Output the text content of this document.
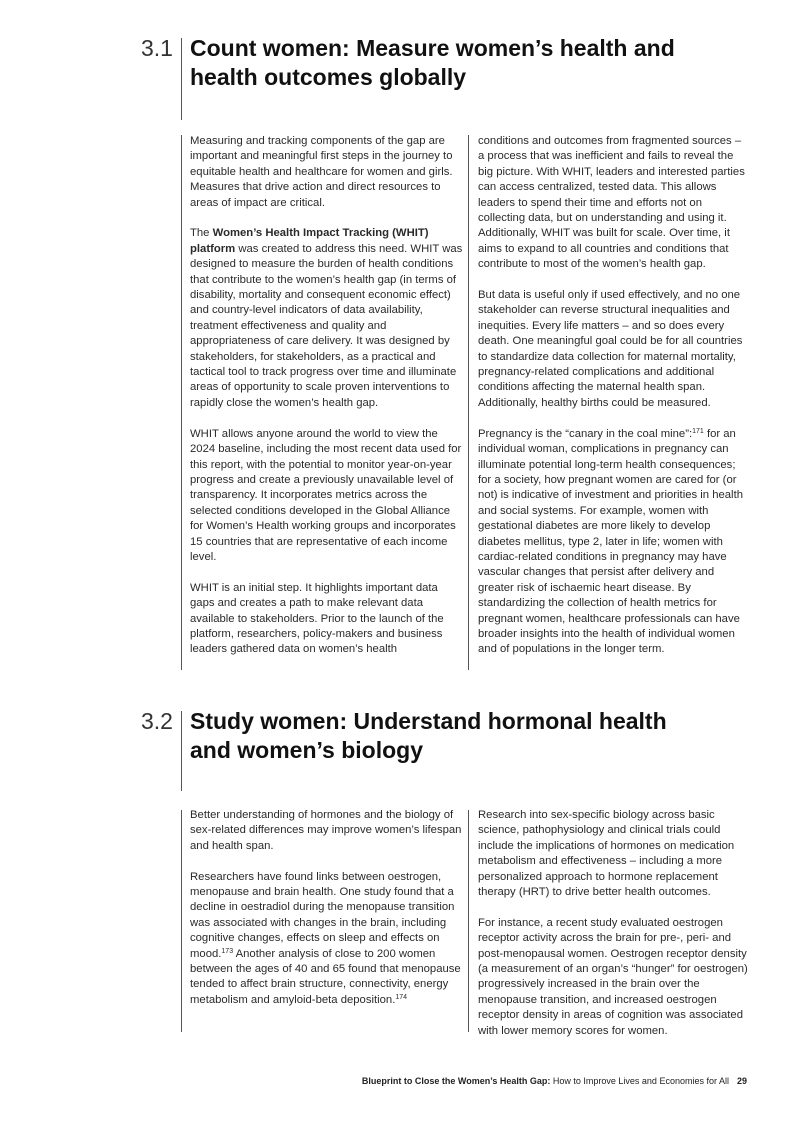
3.1 Count women: Measure women’s health and health outcomes globally

Measuring and tracking components of the gap are important and meaningful first steps in the journey to equitable health and healthcare for women and girls. Measures that drive action and direct resources to areas of impact are critical.

The Women’s Health Impact Tracking (WHIT) platform was created to address this need. WHIT was designed to measure the burden of health conditions that contribute to the women’s health gap (in terms of disability, mortality and consequent economic effect) and country-level indicators of data availability, treatment effectiveness and quality and appropriateness of care delivery. It was designed by stakeholders, for stakeholders, as a practical and tactical tool to track progress over time and illuminate areas of opportunity to scale proven interventions to rapidly close the women’s health gap.

WHIT allows anyone around the world to view the 2024 baseline, including the most recent data used for this report, with the potential to monitor year-on-year progress and create a previously unavailable level of transparency. It incorporates metrics across the selected conditions developed in the Global Alliance for Women’s Health working groups and incorporates 15 countries that are representative of each income level.

WHIT is an initial step. It highlights important data gaps and creates a path to make relevant data available to stakeholders. Prior to the launch of the platform, researchers, policy-makers and business leaders gathered data on women’s health

conditions and outcomes from fragmented sources – a process that was inefficient and fails to reveal the big picture. With WHIT, leaders and interested parties can access centralized, tested data. This allows leaders to spend their time and efforts not on collecting data, but on understanding and using it. Additionally, WHIT was built for scale. Over time, it aims to expand to all countries and conditions that contribute to most of the women’s health gap.

But data is useful only if used effectively, and no one stakeholder can reverse structural inequalities and inequities. Every life matters – and so does every death. One meaningful goal could be for all countries to standardize data collection for maternal mortality, pregnancy-related complications and additional conditions affecting the maternal health span. Additionally, healthy births could be measured.

Pregnancy is the “canary in the coal mine”:$^{171}$ for an individual woman, complications in pregnancy can illuminate potential long-term health consequences; for a society, how pregnant women are cared for (or not) is indicative of investment and priorities in health and social systems. For example, women with gestational diabetes are more likely to develop diabetes mellitus, type 2, later in life; women with cardiac-related conditions in pregnancy may have vascular changes that persist after delivery and greater risk of ischaemic heart disease. By standardizing the collection of health metrics for pregnant women, healthcare professionals can have broader insights into the health of individual women and of populations in the longer term.

3.2 Study women: Understand hormonal health and women’s biology

Better understanding of hormones and the biology of sex-related differences may improve women’s lifespan and health span.

Researchers have found links between oestrogen, menopause and brain health. One study found that a decline in oestradiol during the menopause transition was associated with changes in the brain, including cognitive changes, effects on sleep and effects on mood.$^{173}$ Another analysis of close to 200 women between the ages of 40 and 65 found that menopause tended to affect brain structure, connectivity, energy metabolism and amyloid-beta deposition.$^{174}$

Research into sex-specific biology across basic science, pathophysiology and clinical trials could include the implications of hormones on medication metabolism and effectiveness – including a more personalized approach to hormone replacement therapy (HRT) to drive better health outcomes.

For instance, a recent study evaluated oestrogen receptor activity across the brain for pre-, peri- and post-menopausal women. Oestrogen receptor density (a measurement of an organ’s “hunger” for oestrogen) progressively increased in the brain over the menopause transition, and increased oestrogen receptor density in areas of cognition was associated with lower memory scores for women.

Blueprint to Close the Women’s Health Gap: How to Improve Lives and Economies for All 29
